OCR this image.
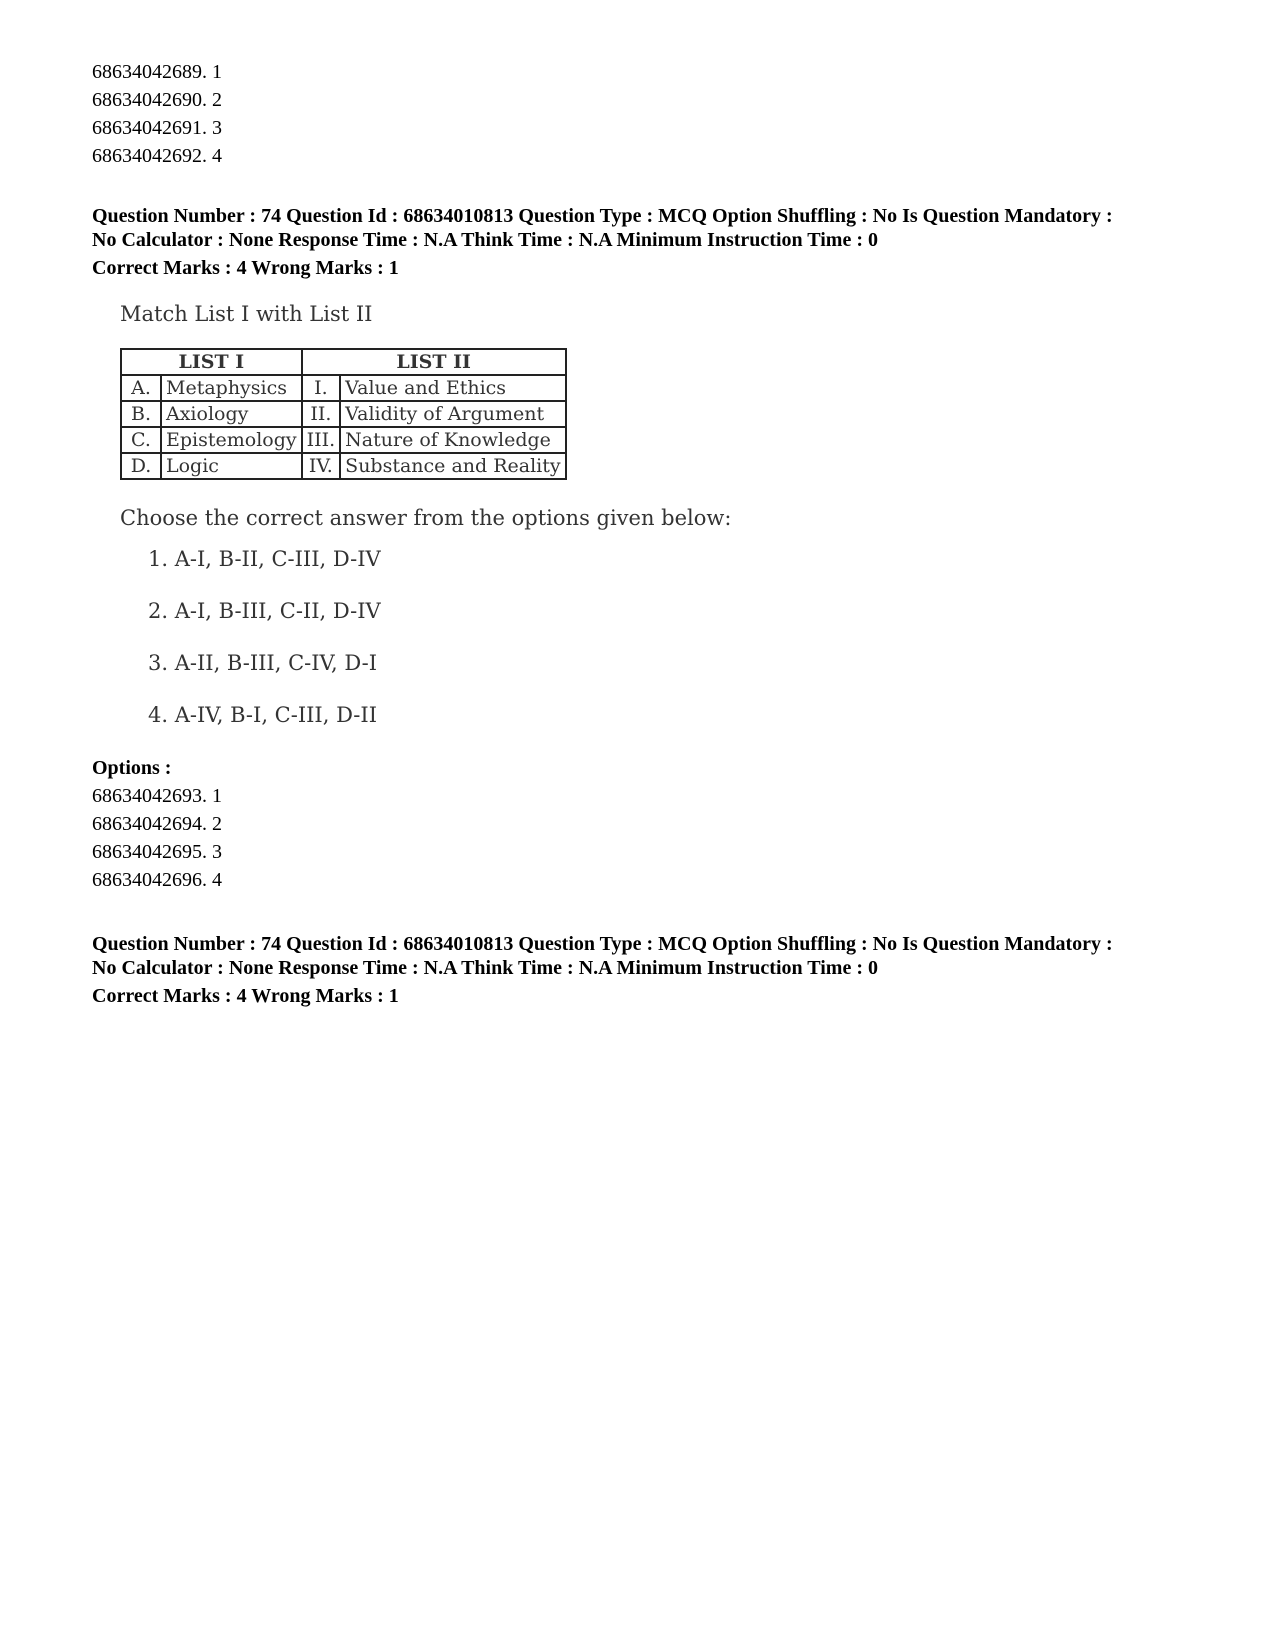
68634042689. 1

68634042690. 2

68634042691. 3

68634042692. 4

Question Number : 74 Question Id : 68634010813 Question Type : MCQ Option Shuffling : No Is Question Mandatory :

No Calculator : None Response Time : N.A Think Time : N.A Minimum Instruction Time : 0

Correct Marks : 4 Wrong Marks : 1

Match List I with List II

LIST I		LIST II	
A.	Metaphysics	I.	Value and Ethics
B.	Axiology	II.	Validity of Argument
C.	Epistemology	III.	Nature of Knowledge
D.	Logic	IV.	Substance and Reality

Choose the correct answer from the options given below:

1. A-I, B-II, C-III, D-IV
2. A-I, B-III, C-II, D-IV
3. A-II, B-III, C-IV, D-I
4. A-IV, B-I, C-III, D-II

Options :

68634042693. 1

68634042694. 2

68634042695. 3

68634042696. 4

Question Number : 74 Question Id : 68634010813 Question Type : MCQ Option Shuffling : No Is Question Mandatory :

No Calculator : None Response Time : N.A Think Time : N.A Minimum Instruction Time : 0

Correct Marks : 4 Wrong Marks : 1
